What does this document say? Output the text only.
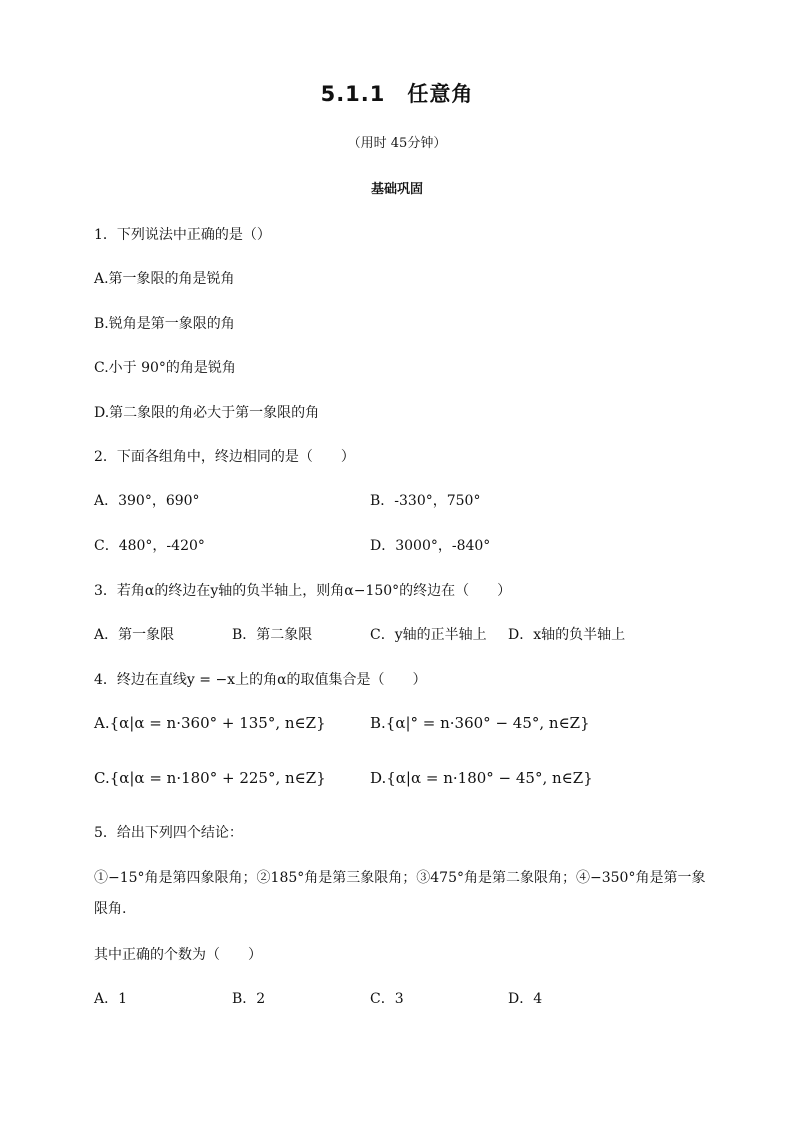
5.1.1　任意角
（用时 45分钟）
基础巩固
1．下列说法中正确的是（）
A.第一象限的角是锐角
B.锐角是第一象限的角
C.小于 90°的角是锐角
D.第二象限的角必大于第一象限的角
2．下面各组角中，终边相同的是（　　）
A．390°，690°	B．-330°，750°
C．480°，-420°	D．3000°，-840°
3．若角α的终边在y轴的负半轴上，则角α−150°的终边在（　　）
A．第一象限	B．第二象限	C．y轴的正半轴上 D．x轴的负半轴上
4．终边在直线y = −x上的角α的取值集合是（　　）
A.{α|α = n·360° + 135°, n∈Z}	B.{α|° = n·360° − 45°, n∈Z}
C.{α|α = n·180° + 225°, n∈Z}	D.{α|α = n·180° − 45°, n∈Z}
5．给出下列四个结论：
①−15°角是第四象限角；②185°角是第三象限角；③475°角是第二象限角；④−350°角是第一象
限角.
其中正确的个数为（　　）
A．1	B．2	C．3	D．4
